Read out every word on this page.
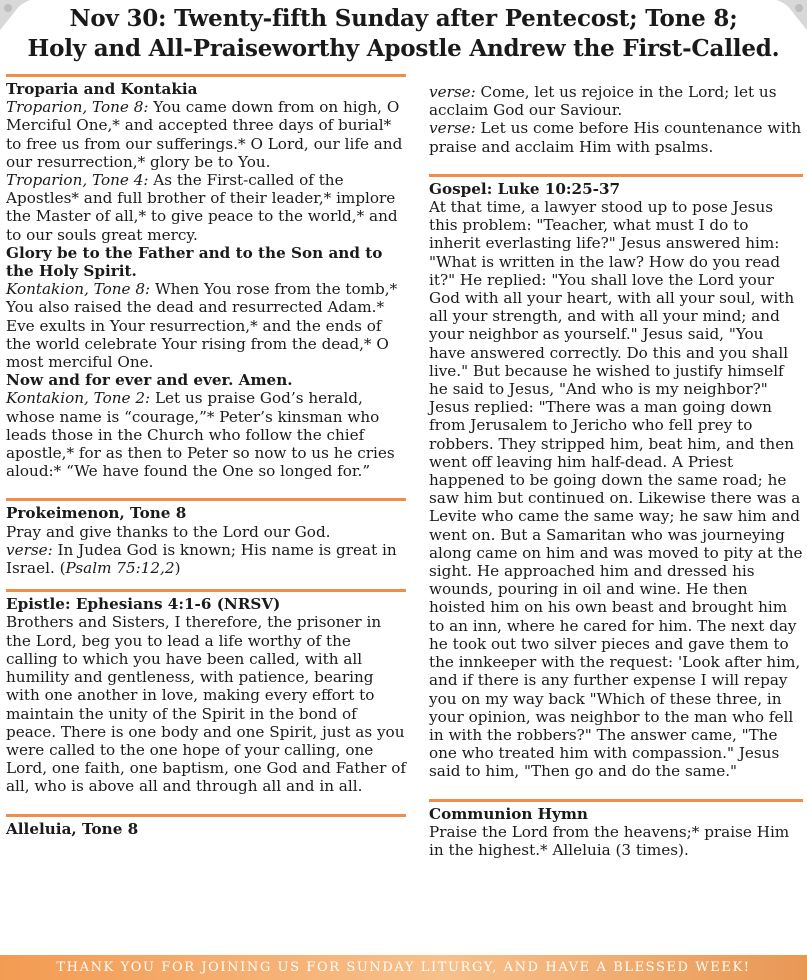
Nov 30: Twenty-fifth Sunday after Pentecost; Tone 8;
Holy and All-Praiseworthy Apostle Andrew the First-Called.

Troparia and Kontakia

Troparion, Tone 8: You came down from on high, O Merciful One,* and accepted three days of burial* to free us from our sufferings.* O Lord, our life and our resurrection,* glory be to You.

Troparion, Tone 4: As the First-called of the Apostles* and full brother of their leader,* implore the Master of all,* to give peace to the world,* and to our souls great mercy.

Glory be to the Father and to the Son and to the Holy Spirit.

Kontakion, Tone 8: When You rose from the tomb,* You also raised the dead and resurrected Adam.* Eve exults in Your resurrection,* and the ends of the world celebrate Your rising from the dead,* O most merciful One.

Now and for ever and ever. Amen.

Kontakion, Tone 2: Let us praise God’s herald, whose name is “courage,”* Peter’s kinsman who leads those in the Church who follow the chief apostle,* for as then to Peter so now to us he cries aloud:* “We have found the One so longed for.”

Prokeimenon, Tone 8

Pray and give thanks to the Lord our God.

verse: In Judea God is known; His name is great in Israel. (Psalm 75:12,2)

Epistle: Ephesians 4:1-6 (NRSV)

Brothers and Sisters, I therefore, the prisoner in the Lord, beg you to lead a life worthy of the calling to which you have been called, with all humility and gentleness, with patience, bearing with one another in love, making every effort to maintain the unity of the Spirit in the bond of peace. There is one body and one Spirit, just as you were called to the one hope of your calling, one Lord, one faith, one baptism, one God and Father of all, who is above all and through all and in all.

Alleluia, Tone 8

verse: Come, let us rejoice in the Lord; let us acclaim God our Saviour.

verse: Let us come before His countenance with praise and acclaim Him with psalms.

Gospel: Luke 10:25-37

At that time, a lawyer stood up to pose Jesus this problem: "Teacher, what must I do to inherit everlasting life?" Jesus answered him: "What is written in the law? How do you read it?" He replied: "You shall love the Lord your God with all your heart, with all your soul, with all your strength, and with all your mind; and your neighbor as yourself." Jesus said, "You have answered correctly. Do this and you shall live." But because he wished to justify himself he said to Jesus, "And who is my neighbor?" Jesus replied: "There was a man going down from Jerusalem to Jericho who fell prey to robbers. They stripped him, beat him, and then went off leaving him half-dead. A Priest happened to be going down the same road; he saw him but continued on. Likewise there was a Levite who came the same way; he saw him and went on. But a Samaritan who was journeying along came on him and was moved to pity at the sight. He approached him and dressed his wounds, pouring in oil and wine. He then hoisted him on his own beast and brought him to an inn, where he cared for him. The next day he took out two silver pieces and gave them to the innkeeper with the request: 'Look after him, and if there is any further expense I will repay you on my way back "Which of these three, in your opinion, was neighbor to the man who fell in with the robbers?" The answer came, "The one who treated him with compassion." Jesus said to him, "Then go and do the same."

Communion Hymn

Praise the Lord from the heavens;* praise Him in the highest.* Alleluia (3 times).

THANK YOU FOR JOINING US FOR SUNDAY LITURGY, AND HAVE A BLESSED WEEK!
